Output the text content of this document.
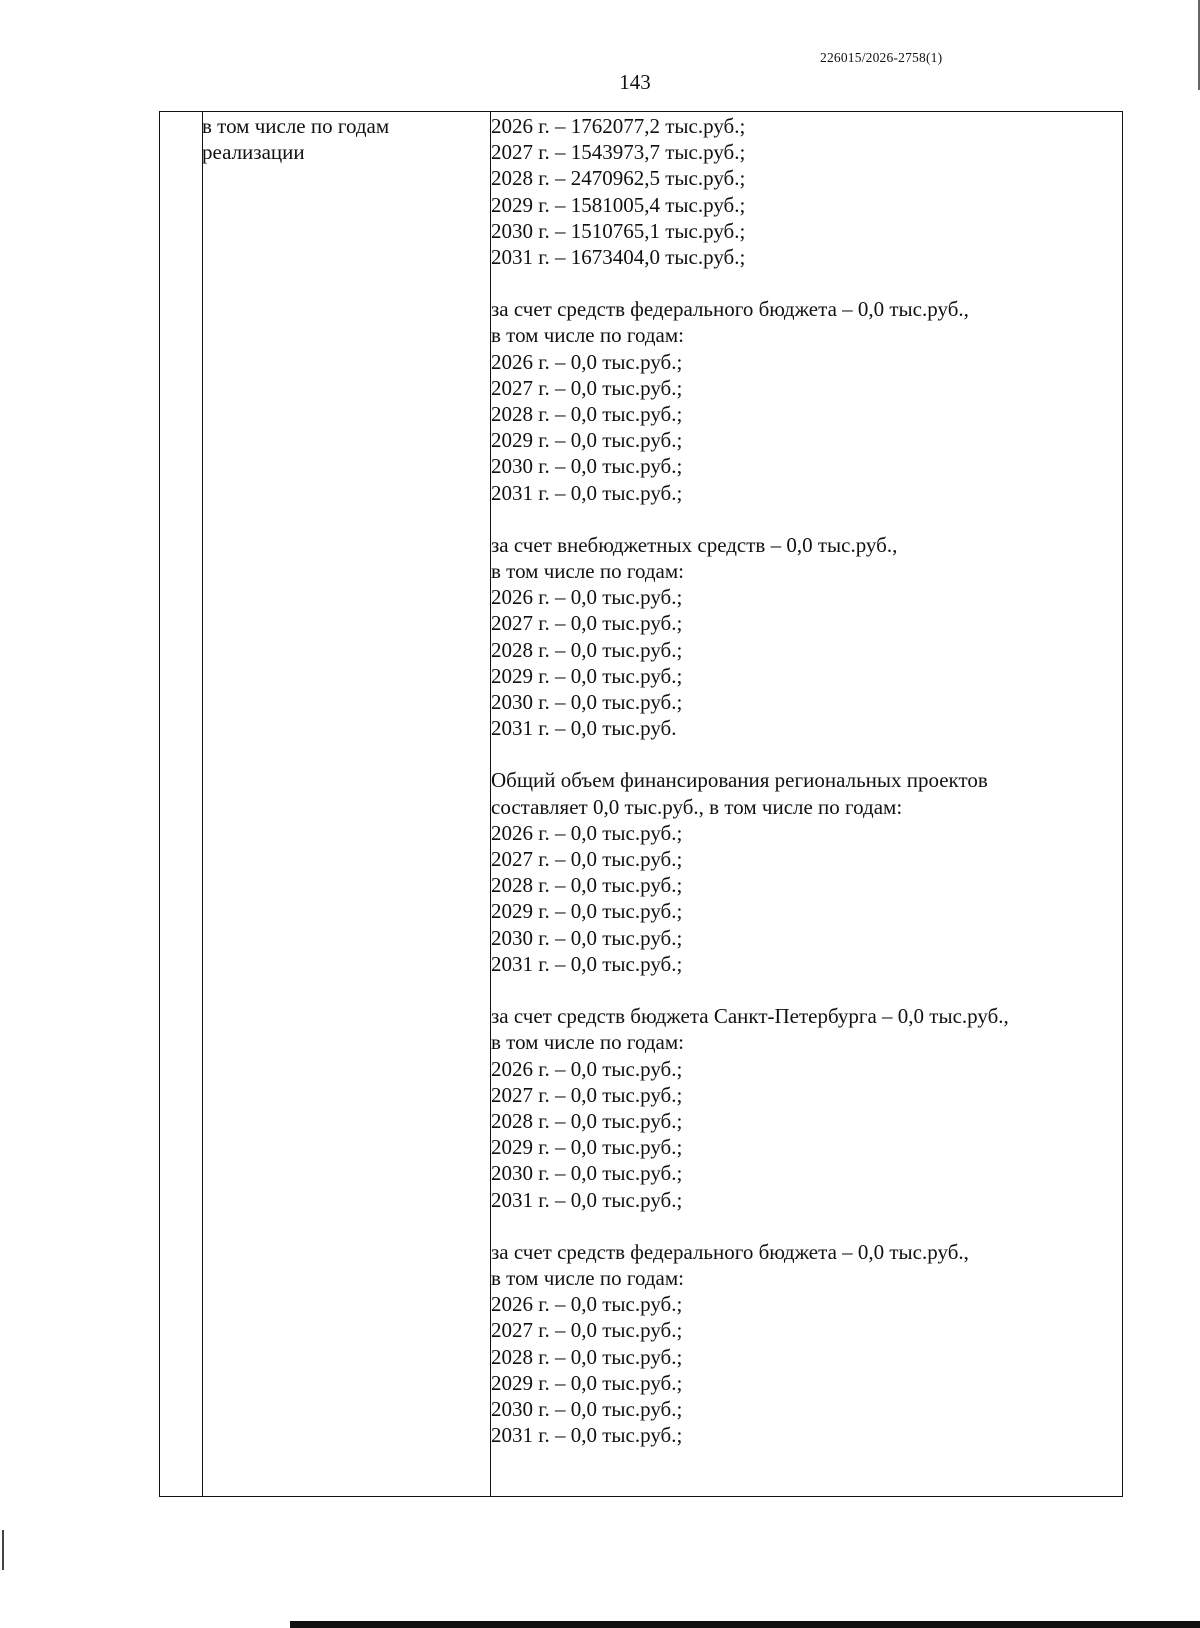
226015/2026-2758(1)
143
в том числе по годам
реализации
2026 г. – 1762077,2 тыс.руб.;
2027 г. – 1543973,7 тыс.руб.;
2028 г. – 2470962,5 тыс.руб.;
2029 г. – 1581005,4 тыс.руб.;
2030 г. – 1510765,1 тыс.руб.;
2031 г. – 1673404,0 тыс.руб.;
за счет средств федерального бюджета – 0,0 тыс.руб.,
в том числе по годам:
2026 г. – 0,0 тыс.руб.;
2027 г. – 0,0 тыс.руб.;
2028 г. – 0,0 тыс.руб.;
2029 г. – 0,0 тыс.руб.;
2030 г. – 0,0 тыс.руб.;
2031 г. – 0,0 тыс.руб.;
за счет внебюджетных средств – 0,0 тыс.руб.,
в том числе по годам:
2026 г. – 0,0 тыс.руб.;
2027 г. – 0,0 тыс.руб.;
2028 г. – 0,0 тыс.руб.;
2029 г. – 0,0 тыс.руб.;
2030 г. – 0,0 тыс.руб.;
2031 г. – 0,0 тыс.руб.
Общий объем финансирования региональных проектов
составляет 0,0 тыс.руб., в том числе по годам:
2026 г. – 0,0 тыс.руб.;
2027 г. – 0,0 тыс.руб.;
2028 г. – 0,0 тыс.руб.;
2029 г. – 0,0 тыс.руб.;
2030 г. – 0,0 тыс.руб.;
2031 г. – 0,0 тыс.руб.;
за счет средств бюджета Санкт-Петербурга – 0,0 тыс.руб.,
в том числе по годам:
2026 г. – 0,0 тыс.руб.;
2027 г. – 0,0 тыс.руб.;
2028 г. – 0,0 тыс.руб.;
2029 г. – 0,0 тыс.руб.;
2030 г. – 0,0 тыс.руб.;
2031 г. – 0,0 тыс.руб.;
за счет средств федерального бюджета – 0,0 тыс.руб.,
в том числе по годам:
2026 г. – 0,0 тыс.руб.;
2027 г. – 0,0 тыс.руб.;
2028 г. – 0,0 тыс.руб.;
2029 г. – 0,0 тыс.руб.;
2030 г. – 0,0 тыс.руб.;
2031 г. – 0,0 тыс.руб.;
